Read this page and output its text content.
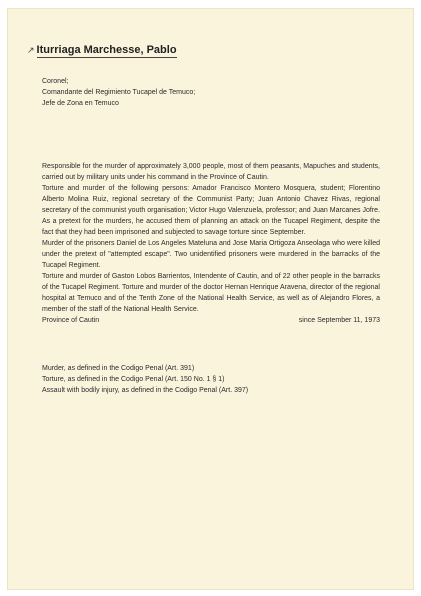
↗ Iturriaga Marchesse, Pablo
Coronel;
Comandante del Regimiento Tucapel de Temuco;
Jefe de Zona en Temuco
Responsible for the murder of approximately 3,000 people, most of them peasants, Mapuches and students, carried out by military units under his command in the Province of Cautin.
Torture and murder of the following persons: Amador Francisco Montero Mosquera, student; Florentino Alberto Molina Ruiz, regional secretary of the Communist Party; Juan Antonio Chavez Rivas, regional secretary of the communist youth organisation; Victor Hugo Valenzuela, professor; and Juan Marcanes Jofre. As a pretext for the murders, he accused them of planning an attack on the Tucapel Regiment, despite the fact that they had been imprisoned and subjected to savage torture since September.
Murder of the prisoners Daniel de Los Angeles Mateluna and Jose Maria Ortigoza Anseolaga who were killed under the pretext of "attempted escape". Two unidentified prisoners were murdered in the barracks of the Tucapel Regiment.
Torture and murder of Gaston Lobos Barrientos, Intendente of Cautin, and of 22 other people in the barracks of the Tucapel Regiment. Torture and murder of the doctor Hernan Henrique Aravena, director of the regional hospital at Temuco and of the Tenth Zone of the National Health Service, as well as of Alejandro Flores, a member of the staff of the National Health Service.
Province of Cautin	since September 11, 1973
Murder, as defined in the Codigo Penal (Art. 391)
Torture, as defined in the Codigo Penal (Art. 150 No. 1 § 1)
Assault with bodily injury, as defined in the Codigo Penal (Art. 397)
